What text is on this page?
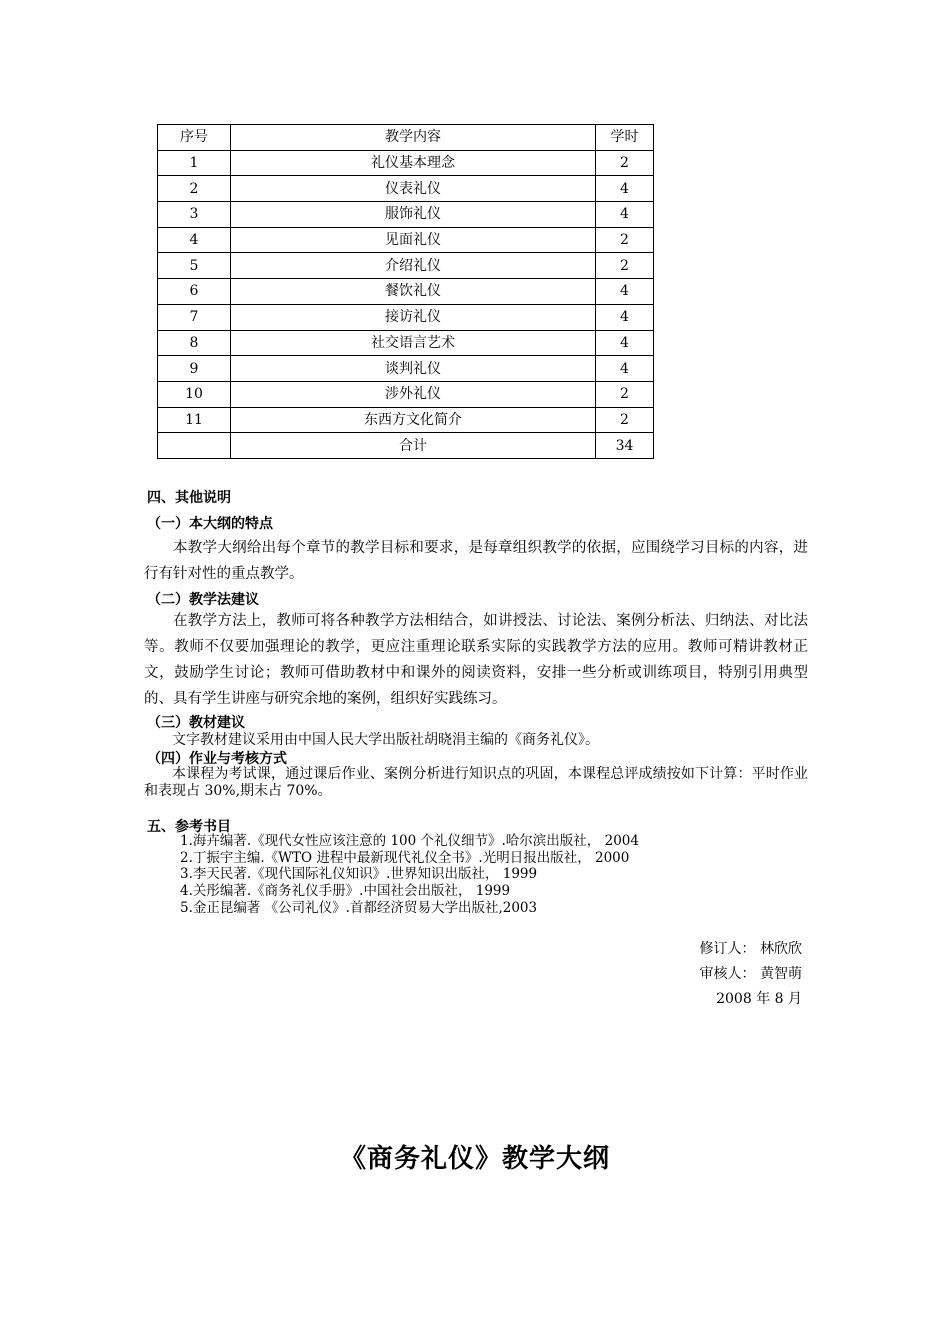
序号	教学内容	学时
1	礼仪基本理念	2
2	仪表礼仪	4
3	服饰礼仪	4
4	见面礼仪	2
5	介绍礼仪	2
6	餐饮礼仪	4
7	接访礼仪	4
8	社交语言艺术	4
9	谈判礼仪	4
10	涉外礼仪	2
11	东西方文化简介	2
	合计	34
四、其他说明
（一）本大纲的特点
本教学大纲给出每个章节的教学目标和要求，是每章组织教学的依据，应围绕学习目标的内容，进行有针对性的重点教学。
（二）教学法建议
在教学方法上，教师可将各种教学方法相结合，如讲授法、讨论法、案例分析法、归纳法、对比法等。教师不仅要加强理论的教学，更应注重理论联系实际的实践教学方法的应用。教师可精讲教材正文，鼓励学生讨论；教师可借助教材中和课外的阅读资料，安排一些分析或训练项目，特别引用典型的、具有学生讲座与研究余地的案例，组织好实践练习。
（三）教材建议
文字教材建议采用由中国人民大学出版社胡晓涓主编的《商务礼仪》。
（四）作业与考核方式
本课程为考试课，通过课后作业、案例分析进行知识点的巩固，本课程总评成绩按如下计算：平时作业和表现占 30%,期末占 70%。
五、参考书目
1.海卉编著.《现代女性应该注意的 100 个礼仪细节》.哈尔滨出版社， 2004
2.丁振宇主编.《WTO 进程中最新现代礼仪全书》.光明日报出版社， 2000
3.李天民著.《现代国际礼仪知识》.世界知识出版社， 1999
4.关彤编著.《商务礼仪手册》.中国社会出版社， 1999
5.金正昆编著 《公司礼仪》.首都经济贸易大学出版社,2003
修订人： 林欣欣
审核人： 黄智萌
2008 年 8 月
《商务礼仪》教学大纲
